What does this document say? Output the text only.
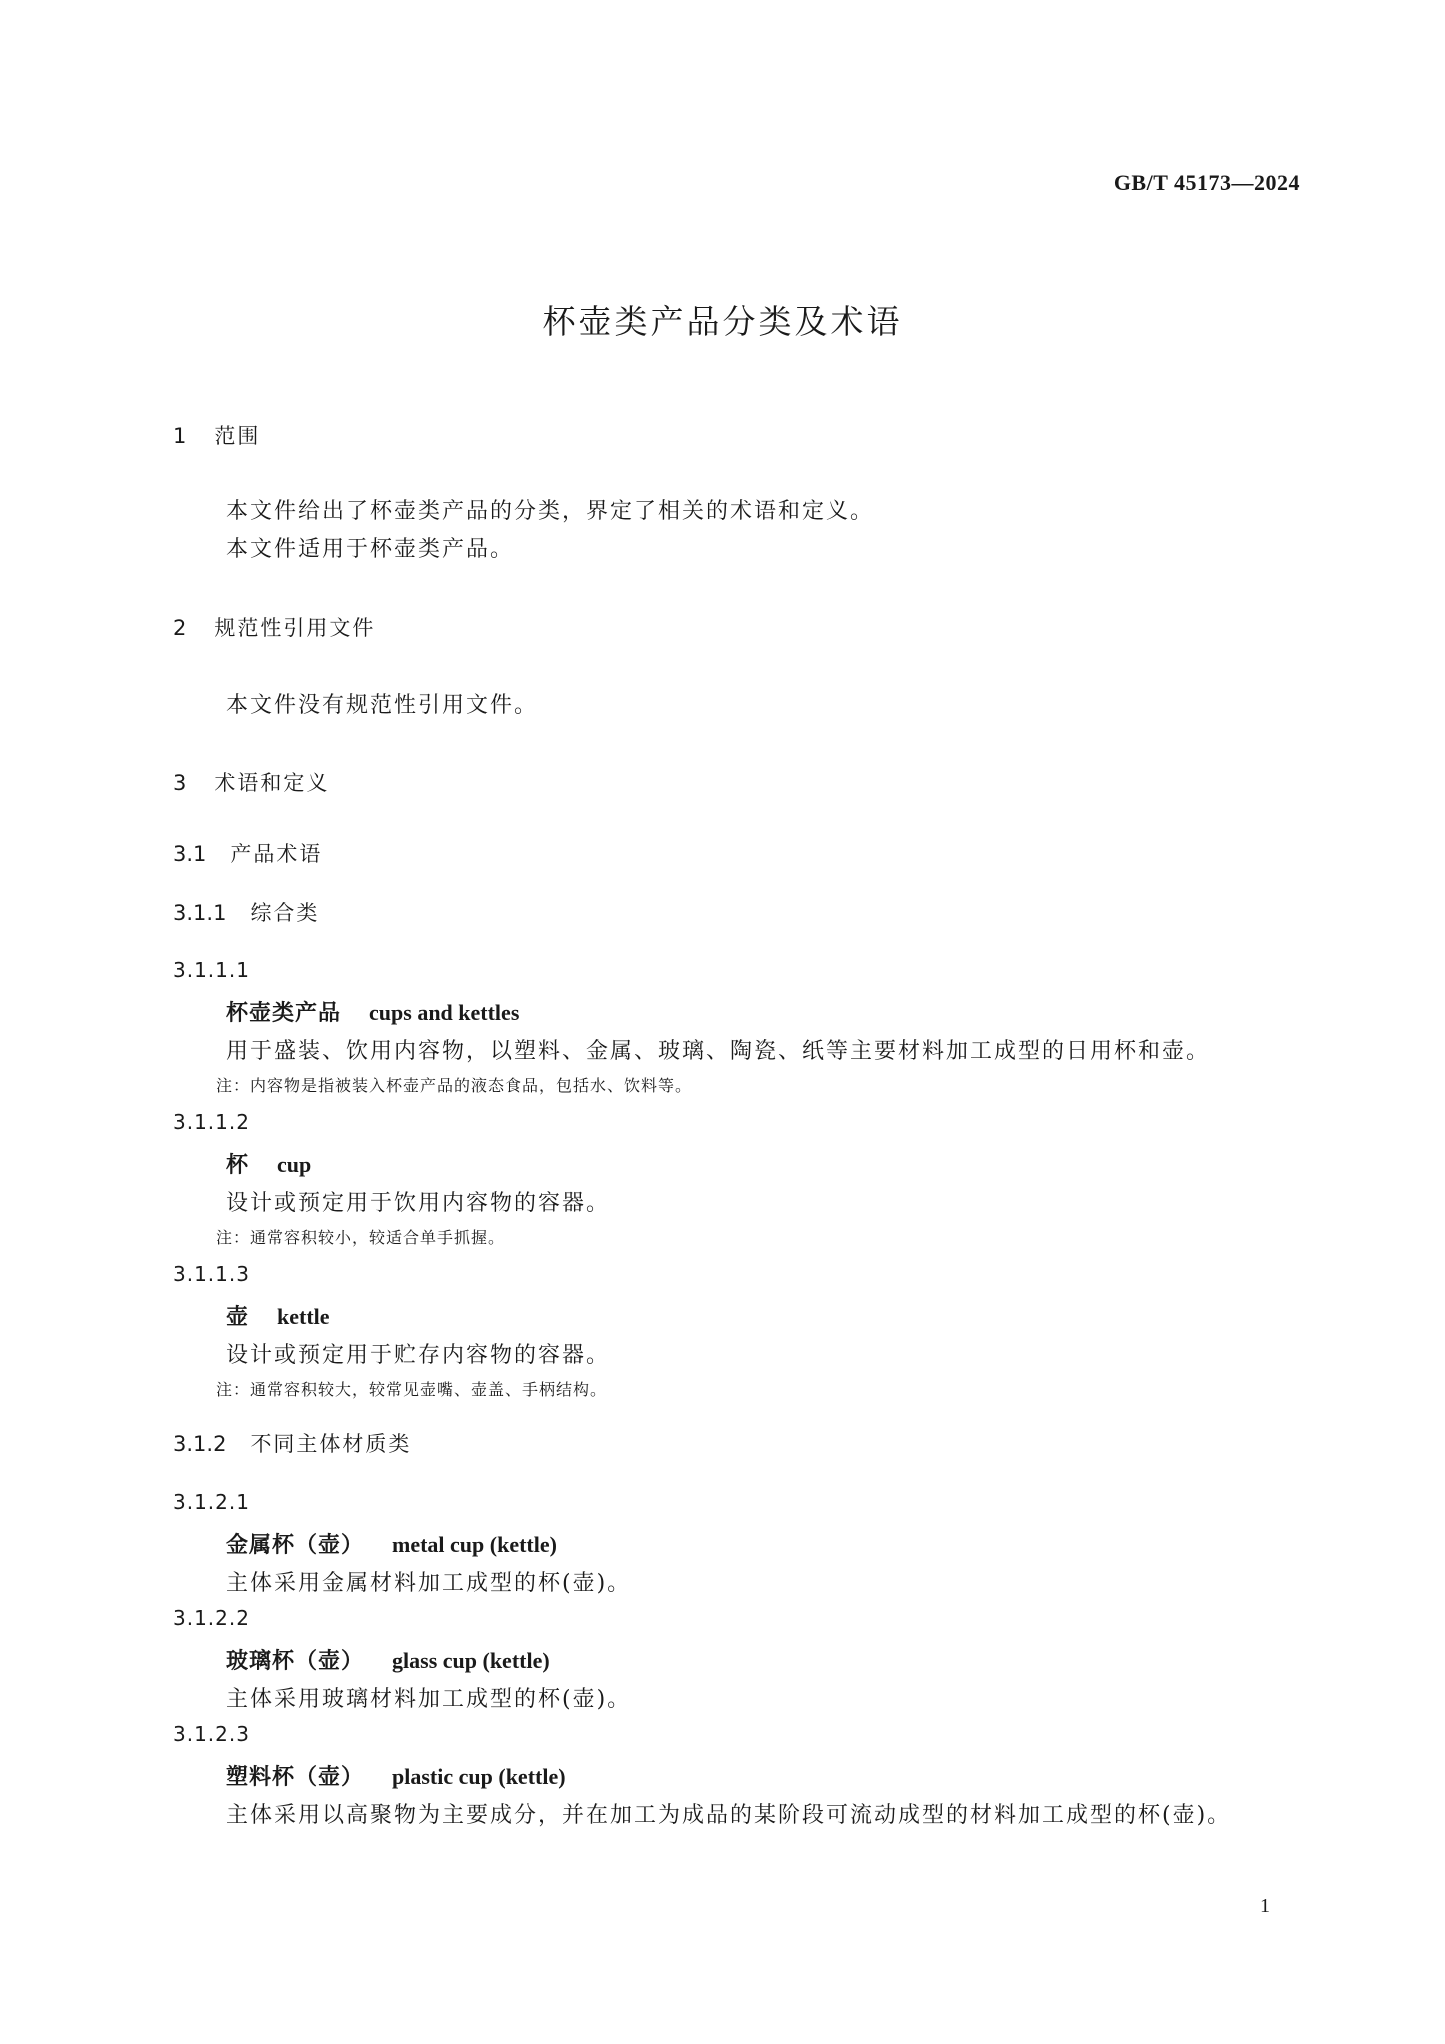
GB/T 45173—2024
杯壶类产品分类及术语
1 范围
本文件给出了杯壶类产品的分类，界定了相关的术语和定义。
本文件适用于杯壶类产品。
2 规范性引用文件
本文件没有规范性引用文件。
3 术语和定义
3.1 产品术语
3.1.1 综合类
3.1.1.1
杯壶类产品 cups and kettles
用于盛装、饮用内容物，以塑料、金属、玻璃、陶瓷、纸等主要材料加工成型的日用杯和壶。
注：内容物是指被装入杯壶产品的液态食品，包括水、饮料等。
3.1.1.2
杯 cup
设计或预定用于饮用内容物的容器。
注：通常容积较小，较适合单手抓握。
3.1.1.3
壶 kettle
设计或预定用于贮存内容物的容器。
注：通常容积较大，较常见壶嘴、壶盖、手柄结构。
3.1.2 不同主体材质类
3.1.2.1
金属杯（壶） metal cup (kettle)
主体采用金属材料加工成型的杯(壶)。
3.1.2.2
玻璃杯（壶） glass cup (kettle)
主体采用玻璃材料加工成型的杯(壶)。
3.1.2.3
塑料杯（壶） plastic cup (kettle)
主体采用以高聚物为主要成分，并在加工为成品的某阶段可流动成型的材料加工成型的杯(壶)。
1
